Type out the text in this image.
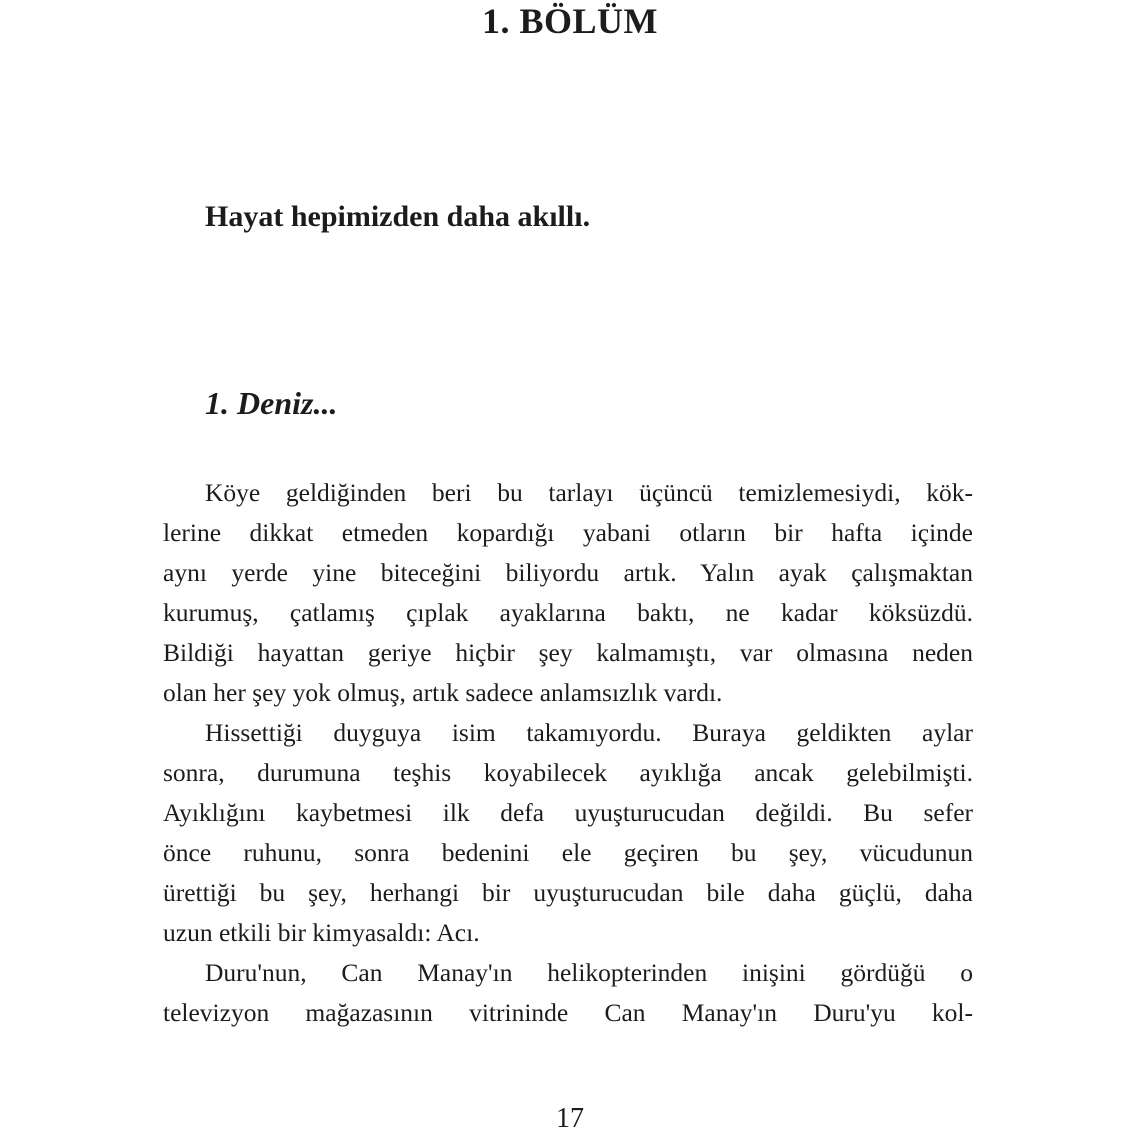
1. BÖLÜM
Hayat hepimizden daha akıllı.
1. Deniz...
Köye geldiğinden beri bu tarlayı üçüncü temizlemesiydi, kök-
lerine dikkat etmeden kopardığı yabani otların bir hafta içinde
aynı yerde yine biteceğini biliyordu artık. Yalın ayak çalışmaktan
kurumuş, çatlamış çıplak ayaklarına baktı, ne kadar köksüzdü.
Bildiği hayattan geriye hiçbir şey kalmamıştı, var olmasına neden
olan her şey yok olmuş, artık sadece anlamsızlık vardı.
Hissettiği duyguya isim takamıyordu. Buraya geldikten aylar
sonra, durumuna teşhis koyabilecek ayıklığa ancak gelebilmişti.
Ayıklığını kaybetmesi ilk defa uyuşturucudan değildi. Bu sefer
önce ruhunu, sonra bedenini ele geçiren bu şey, vücudunun
ürettiği bu şey, herhangi bir uyuşturucudan bile daha güçlü, daha
uzun etkili bir kimyasaldı: Acı.
Duru'nun, Can Manay'ın helikopterinden inişini gördüğü o
televizyon mağazasının vitrininde Can Manay'ın Duru'yu kol-
17
